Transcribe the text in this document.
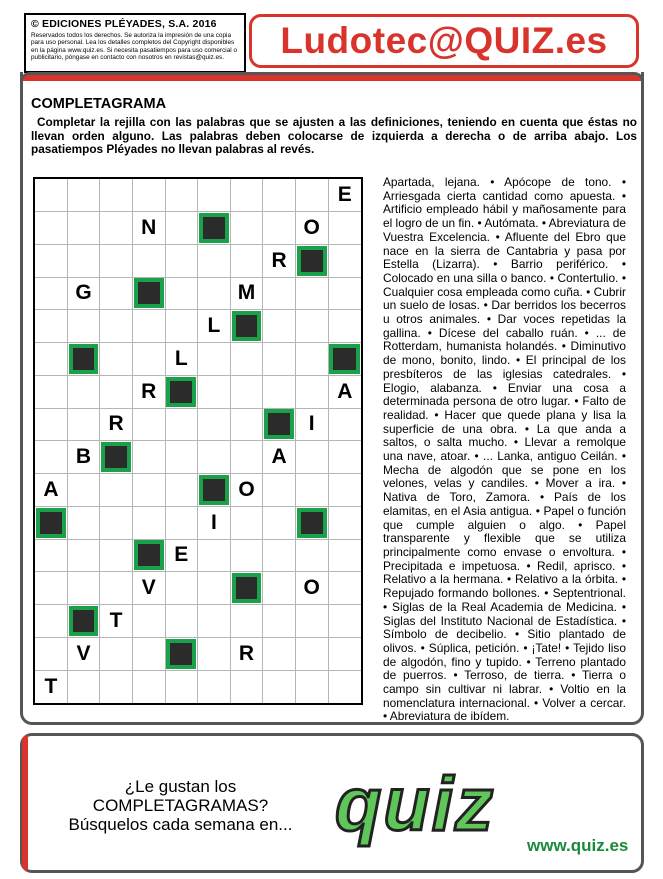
© EDICIONES PLÉYADES, S.A. 2016
Reservados todos los derechos. Se autoriza la impresión de una copia para uso personal. Lea los detalles completos del Copyright disponibles en la página www.quiz.es. Si necesita pasatiempos para uso comercial o publicitario, póngase en contacto con nosotros en revistas@quiz.es.	Ludotec@QUIZ.es
COMPLETAGRAMA
Completar la rejilla con las palabras que se ajusten a las definiciones, teniendo en cuenta que éstas no llevan orden alguno. Las palabras deben colocarse de izquierda a derecha o de arriba abajo. Los pasatiempos Pléyades no llevan palabras al revés.
E
N	O
R
G	M
L
L
R	A
R	I
B	A
A	O
I
E
V	O
T
V	R
T
Apartada, lejana. • Apócope de tono. • Arriesgada cierta cantidad como apuesta. • Artificio empleado hábil y mañosamente para el logro de un fin. • Autómata. • Abreviatura de Vuestra Excelencia. • Afluente del Ebro que nace en la sierra de Cantabria y pasa por Estella (Lizarra). • Barrio periférico. • Colocado en una silla o banco. • Contertulio. • Cualquier cosa empleada como cuña. • Cubrir un suelo de losas. • Dar berridos los becerros u otros animales. • Dar voces repetidas la gallina. • Dícese del caballo ruán. • ... de Rotterdam, humanista holandés. • Diminutivo de mono, bonito, lindo. • El principal de los presbíteros de las iglesias catedrales. • Elogio, alabanza. • Enviar una cosa a determinada persona de otro lugar. • Falto de realidad. • Hacer que quede plana y lisa la superficie de una obra. • La que anda a saltos, o salta mucho. • Llevar a remolque una nave, atoar. • ... Lanka, antiguo Ceilán. • Mecha de algodón que se pone en los velones, velas y candiles. • Mover a ira. • Nativa de Toro, Zamora. • País de los elamitas, en el Asia antigua. • Papel o función que cumple alguien o algo. • Papel transparente y flexible que se utiliza principalmente como envase o envoltura. • Precipitada e impetuosa. • Redil, aprisco. • Relativo a la hermana. • Relativo a la órbita. • Repujado formando bollones. • Septentrional. • Siglas de la Real Academia de Medicina. • Siglas del Instituto Nacional de Estadística. • Símbolo de decibelio. • Sitio plantado de olivos. • Súplica, petición. • ¡Tate! • Tejido liso de algodón, fino y tupido. • Terreno plantado de puerros. • Terroso, de tierra. • Tierra o campo sin cultivar ni labrar. • Voltio en la nomenclatura internacional. • Volver a cercar. • Abreviatura de ibídem.
¿Le gustan los
COMPLETAGRAMAS?
Búsquelos cada semana en... quiz www.quiz.es
